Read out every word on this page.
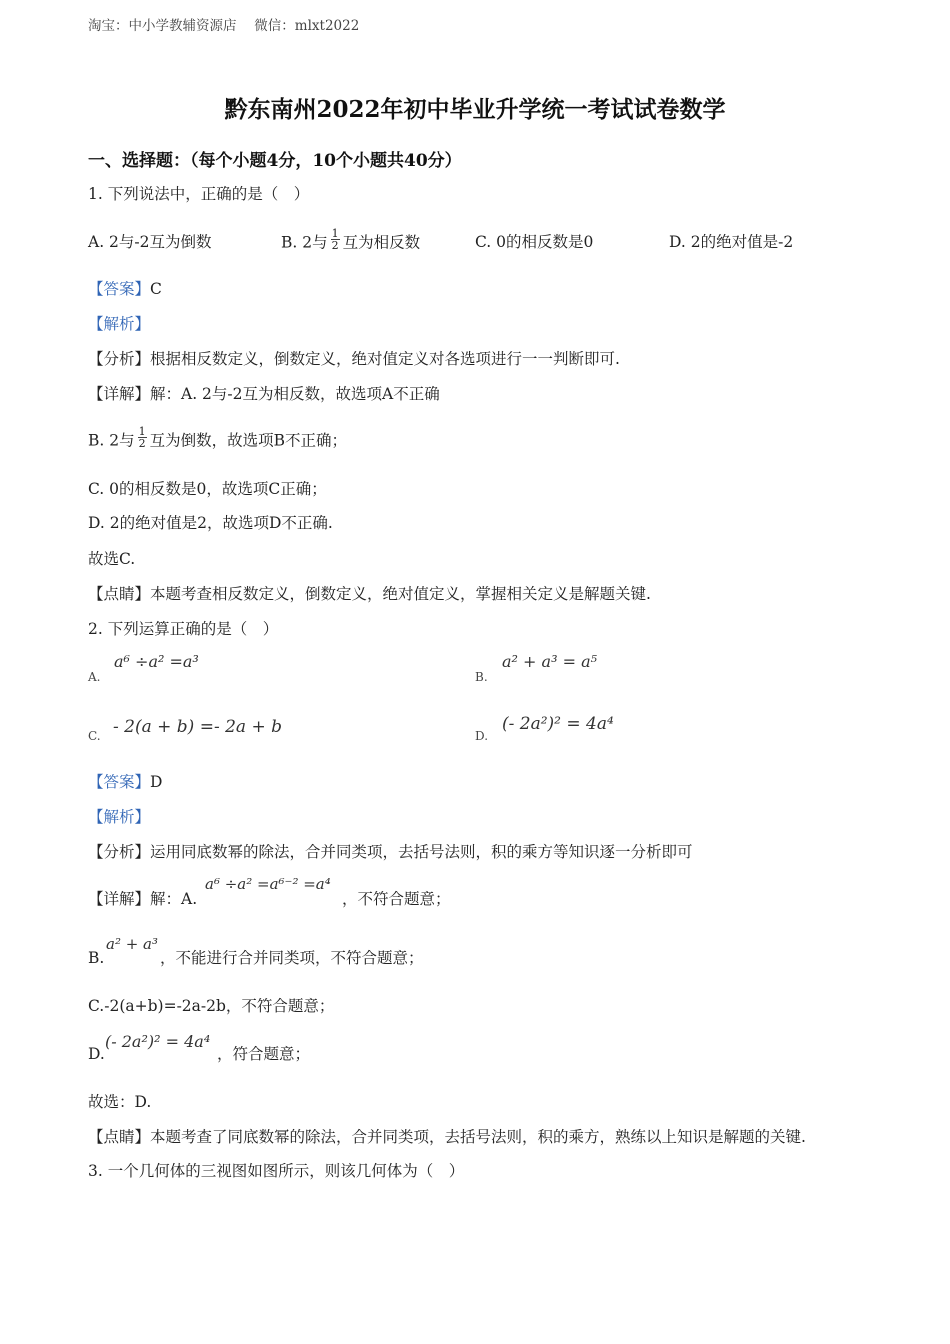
淘宝：中小学教辅资源店　 微信：mlxt2022
黔东南州2022年初中毕业升学统一考试试卷数学
一、选择题：（每个小题4分，10个小题共40分）
1. 下列说法中，正确的是（　）
A. 2与-2互为倒数	B. 2与 $\frac{1}{2}$ 互为相反数	C. 0的相反数是0	D. 2的绝对值是-2
【答案】C
【解析】
【分析】根据相反数定义，倒数定义，绝对值定义对各选项进行一一判断即可.
【详解】解：A. 2与-2互为相反数，故选项A不正确
B. 2与 $\frac{1}{2}$ 互为倒数，故选项B不正确；
C. 0的相反数是0，故选项C正确；
D. 2的绝对值是2，故选项D不正确.
故选C.
【点睛】本题考查相反数定义，倒数定义，绝对值定义，掌握相关定义是解题关键.
2. 下列运算正确的是（　）
A.
a⁶ ÷a² =a³
B.
a² + a³ = a⁵
C. - 2(a + b) =- 2a + b	D.
(- 2a²)² = 4a⁴
【答案】D
【解析】
【分析】运用同底数幂的除法，合并同类项，去括号法则，积的乘方等知识逐一分析即可
【详解】解：A.
a⁶ ÷a² =a⁶⁻² =a⁴
，不符合题意；
B.
a² + a³
，不能进行合并同类项，不符合题意；
C.-2(a+b)=-2a-2b，不符合题意；
D.
(- 2a²)² = 4a⁴
，符合题意；
故选：D.
【点睛】本题考查了同底数幂的除法，合并同类项，去括号法则，积的乘方，熟练以上知识是解题的关键.
3. 一个几何体的三视图如图所示，则该几何体为（　）
